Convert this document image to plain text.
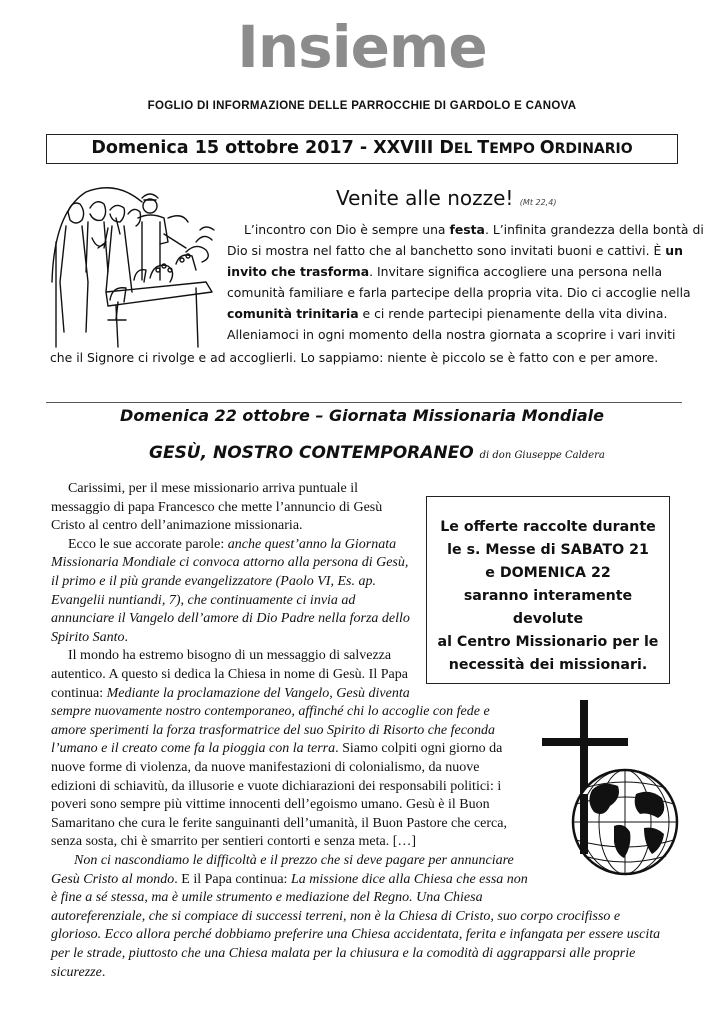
Insieme
FOGLIO DI INFORMAZIONE DELLE PARROCCHIE DI GARDOLO E CANOVA
Domenica 15 ottobre 2017 - XXVIII DEL TEMPO ORDINARIO
Venite alle nozze! (Mt 22,4)
L’incontro con Dio è sempre una festa. L’infinita grandezza della bontà di
Dio si mostra nel fatto che al banchetto sono invitati buoni e cattivi. È un
invito che trasforma. Invitare significa accogliere una persona nella
comunità familiare e farla partecipe della propria vita. Dio ci accoglie nella
comunità trinitaria e ci rende partecipi pienamente della vita divina.
Alleniamoci in ogni momento della nostra giornata a scoprire i vari inviti
che il Signore ci rivolge e ad accoglierli. Lo sappiamo: niente è piccolo se è fatto con e per amore.
Domenica 22 ottobre – Giornata Missionaria Mondiale
GESÙ, NOSTRO CONTEMPORANEO di don Giuseppe Caldera
Le offerte raccolte durante
le s. Messe di SABATO 21
e DOMENICA 22
saranno interamente
devolute
al Centro Missionario per le
necessità dei missionari.
Carissimi, per il mese missionario arriva puntuale il
messaggio di papa Francesco che mette l’annuncio di Gesù
Cristo al centro dell’animazione missionaria.
Ecco le sue accorate parole: anche quest’anno la Giornata
Missionaria Mondiale ci convoca attorno alla persona di Gesù,
il primo e il più grande evangelizzatore (Paolo VI, Es. ap.
Evangelii nuntiandi, 7), che continuamente ci invia ad
annunciare il Vangelo dell’amore di Dio Padre nella forza dello
Spirito Santo.
Il mondo ha estremo bisogno di un messaggio di salvezza
autentico. A questo si dedica la Chiesa in nome di Gesù. Il Papa
continua: Mediante la proclamazione del Vangelo, Gesù diventa
sempre nuovamente nostro contemporaneo, affinché chi lo accoglie con fede e
amore sperimenti la forza trasformatrice del suo Spirito di Risorto che feconda
l’umano e il creato come fa la pioggia con la terra. Siamo colpiti ogni giorno da
nuove forme di violenza, da nuove manifestazioni di colonialismo, da nuove
edizioni di schiavitù, da illusorie e vuote dichiarazioni dei responsabili politici: i
poveri sono sempre più vittime innocenti dell’egoismo umano. Gesù è il Buon
Samaritano che cura le ferite sanguinanti dell’umanità, il Buon Pastore che cerca,
senza sosta, chi è smarrito per sentieri contorti e senza meta. […]
Non ci nascondiamo le difficoltà e il prezzo che si deve pagare per annunciare
Gesù Cristo al mondo. E il Papa continua: La missione dice alla Chiesa che essa non
è fine a sé stessa, ma è umile strumento e mediazione del Regno. Una Chiesa
autoreferenziale, che si compiace di successi terreni, non è la Chiesa di Cristo, suo corpo crocifisso e
glorioso. Ecco allora perché dobbiamo preferire una Chiesa accidentata, ferita e infangata per essere uscita
per le strade, piuttosto che una Chiesa malata per la chiusura e la comodità di aggrapparsi alle proprie
sicurezze.
